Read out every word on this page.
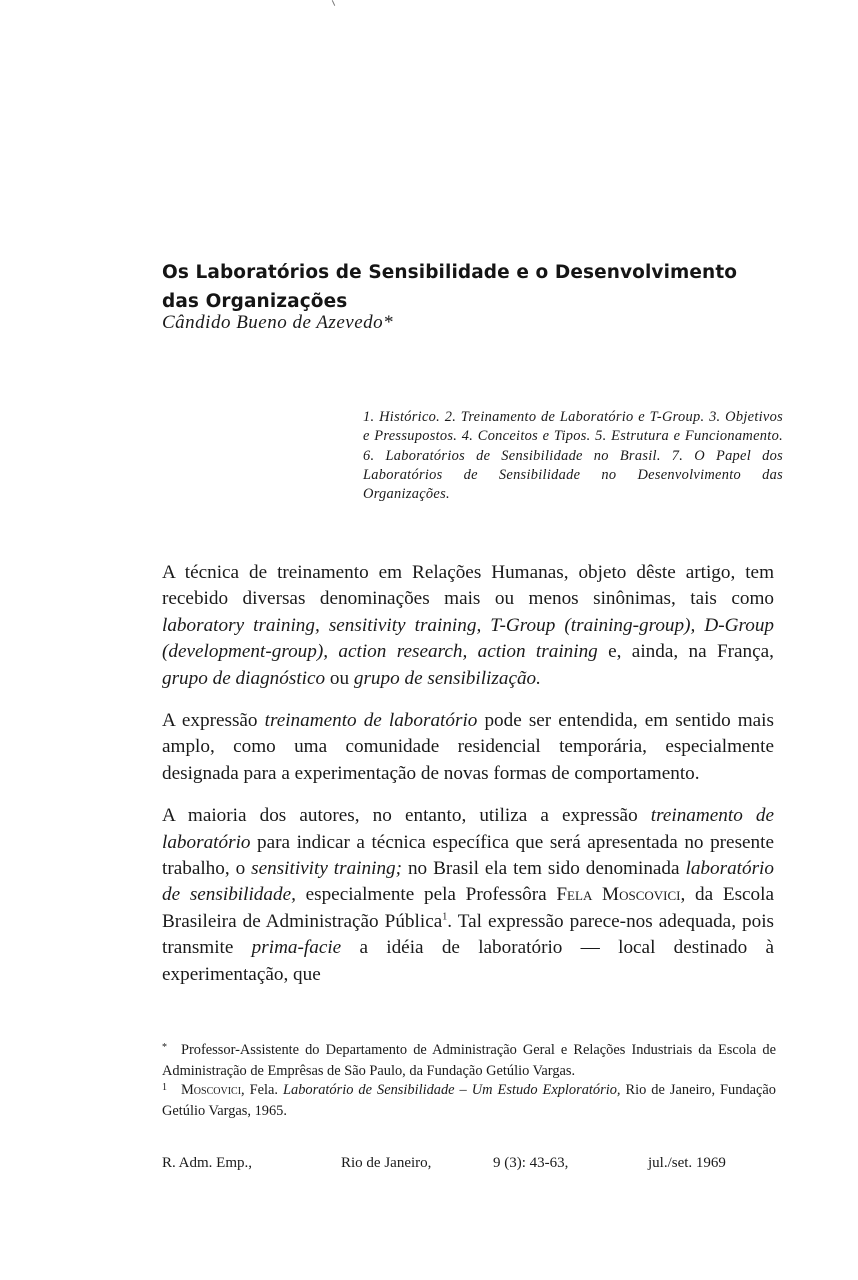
Os Laboratórios de Sensibilidade e o Desenvolvimento
das Organizações
Cândido Bueno de Azevedo*
1. Histórico. 2. Treinamento de Laboratório e T-Group. 3. Objetivos e Pressupostos. 4. Conceitos e Tipos. 5. Estrutura e Funcionamento. 6. Laboratórios de Sensibilidade no Brasil. 7. O Papel dos Laboratórios de Sensibilidade no Desenvolvimento das Organizações.

A técnica de treinamento em Relações Humanas, objeto dêste artigo, tem recebido diversas denominações mais ou menos sinônimas, tais como laboratory training, sensitivity training, T-Group (training-group), D-Group (development-group), action research, action training e, ainda, na França, grupo de diagnóstico ou grupo de sensibilização.

A expressão treinamento de laboratório pode ser entendida, em sentido mais amplo, como uma comunidade residencial temporária, especialmente designada para a experimentação de novas formas de comportamento.

A maioria dos autores, no entanto, utiliza a expressão treinamento de laboratório para indicar a técnica específica que será apresentada no presente trabalho, o sensitivity training; no Brasil ela tem sido denominada laboratório de sensibilidade, especialmente pela Professôra Fela Moscovici, da Escola Brasileira de Administração Pública$^1$. Tal expressão parece-nos adequada, pois transmite prima-facie a idéia de laboratório — local destinado à experimentação, que

* Professor-Assistente do Departamento de Administração Geral e Relações Industriais da Escola de Administração de Emprêsas de São Paulo, da Fundação Getúlio Vargas.

$^1$ Moscovici, Fela. Laboratório de Sensibilidade – Um Estudo Exploratório, Rio de Janeiro, Fundação Getúlio Vargas, 1965.

R. Adm. Emp.,	Rio de Janeiro,	9 (3): 43-63,	jul./set. 1969
